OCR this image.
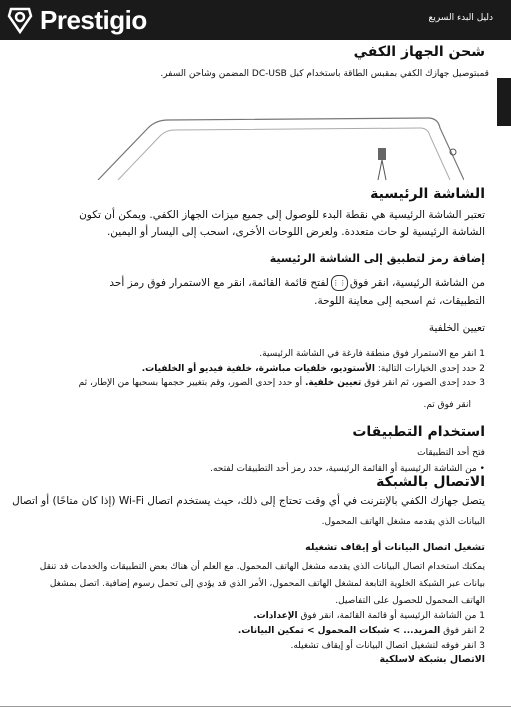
Prestigio	دليل البدء السريع
شحن الجهاز الكفي
قمبتوصيل جهازك الكفي بمقبس الطاقة باستخدام كبل DC-USB المضمن وشاحن السفر.
الشاشة الرئيسية
تعتبر الشاشة الرئيسية هي نقطة البدء للوصول إلى جميع ميزات الجهاز الكفي. ويمكن أن تكون
الشاشة الرئيسية لو حات متعددة. ولعرض اللوحات الأخرى، اسحب إلى اليسار أو اليمين.
إضافة رمز لتطبيق إلى الشاشة الرئيسية
من الشاشة الرئيسية، انقر فوق⋮⋮لفتح قائمة القائمة، انقر مع الاستمرار فوق رمز أحد
التطبيقات، ثم اسحبه إلى معاينة اللوحة.
تعيين الخلفية
1 انقر مع الاستمرار فوق منطقة فارغة في الشاشة الرئيسية.
2 حدد إحدى الخيارات التالية: الأستوديو، خلفيات مباشرة، خلفية فيديو أو الخلفيات.
3 حدد إحدى الصور، ثم انقر فوق تعيين خلفية. أو حدد إحدى الصور، وقم بتغيير حجمها بسحبها من الإطار، ثم
انقر فوق تم.
استخدام التطبيقات
فتح أحد التطبيقات
• من الشاشة الرئيسية أو القائمة الرئيسية، حدد رمز أحد التطبيقات لفتحه.
الاتصال بالشبكة
يتصل جهازك الكفي بالإنترنت في أي وقت تحتاج إلى ذلك، حيث يستخدم اتصال Wi-Fi (إذا كان متاحًا) أو اتصال
البيانات الذي يقدمه مشغل الهاتف المحمول.
تشغيل اتصال البيانات أو إيقاف تشغيله
يمكنك استخدام اتصال البيانات الذي يقدمه مشغل الهاتف المحمول. مع العلم أن هناك بعض التطبيقات والخدمات قد تنقل
بيانات عبر الشبكة الخلوية التابعة لمشغل الهاتف المحمول، الأمر الذي قد يؤدي إلى تحمل رسوم إضافية. اتصل بمشغل
الهاتف المحمول للحصول على التفاصيل.
1 من الشاشة الرئيسية أو قائمة القائمة، انقر فوق الإعدادات.
2 انقر فوق المزيد... > شبكات المحمول > تمكين البيانات.
3 انقر فوقه لتشغيل اتصال البيانات أو إيقاف تشغيله.
الاتصال بشبكة لاسلكية
